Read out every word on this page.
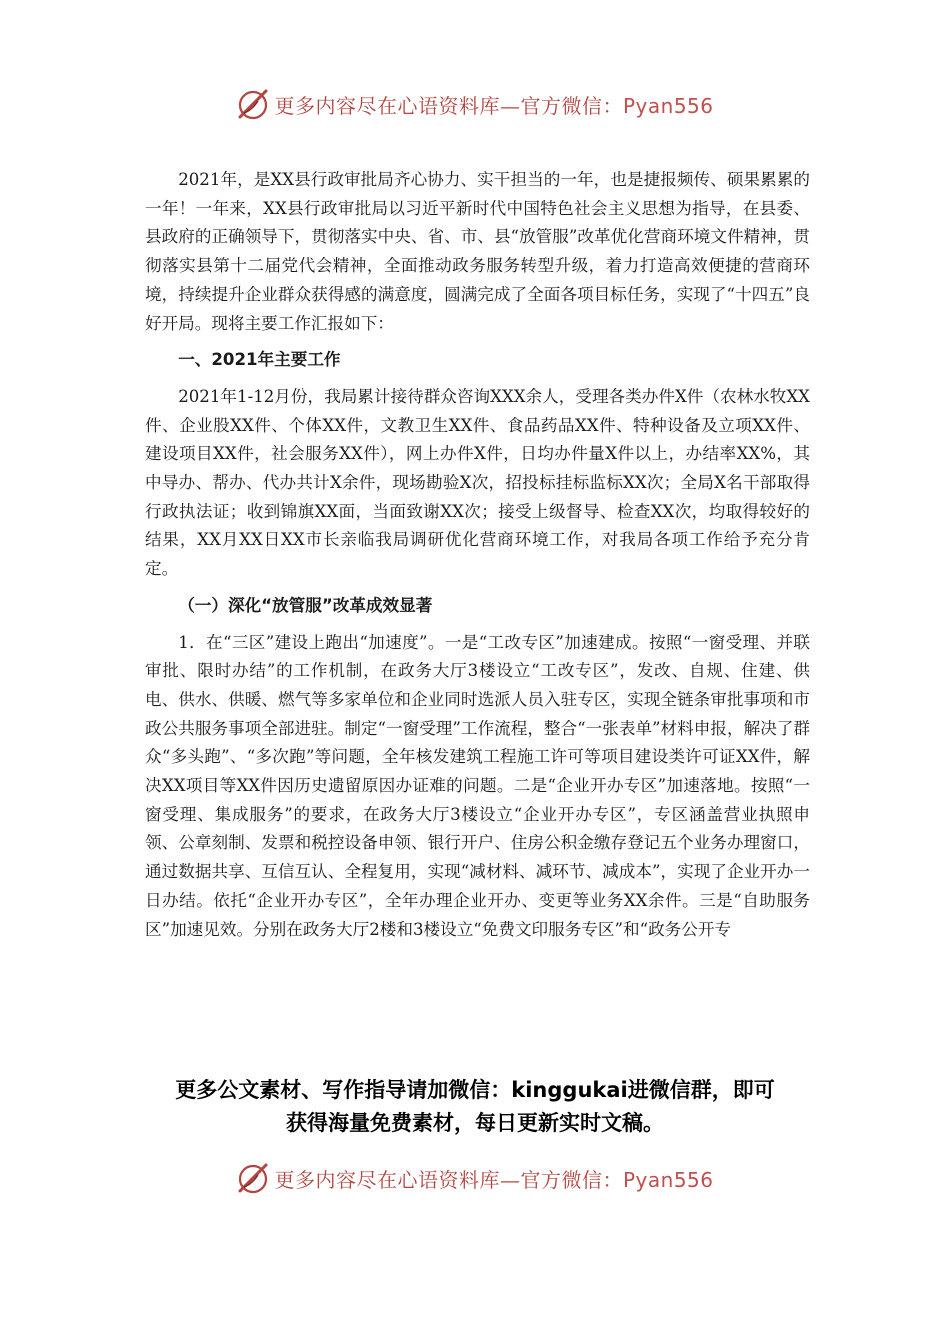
更多内容尽在心语资料库—官方微信：Pyan556

2021年，是XX县行政审批局齐心协力、实干担当的一年，也是捷报频传、硕果累累的一年！一年来，XX县行政审批局以习近平新时代中国特色社会主义思想为指导，在县委、县政府的正确领导下，贯彻落实中央、省、市、县“放管服”改革优化营商环境文件精神，贯彻落实县第十二届党代会精神，全面推动政务服务转型升级，着力打造高效便捷的营商环境，持续提升企业群众获得感的满意度，圆满完成了全面各项目标任务，实现了“十四五”良好开局。现将主要工作汇报如下：

一、2021年主要工作

2021年1-12月份，我局累计接待群众咨询XXX余人，受理各类办件X件（农林水牧XX件、企业股XX件、个体XX件，文教卫生XX件、食品药品XX件、特种设备及立项XX件、建设项目XX件，社会服务XX件），网上办件X件，日均办件量X件以上，办结率XX%，其中导办、帮办、代办共计X余件，现场勘验X次，招投标挂标监标XX次；全局X名干部取得行政执法证；收到锦旗XX面，当面致谢XX次；接受上级督导、检查XX次，均取得较好的结果，XX月XX日XX市长亲临我局调研优化营商环境工作，对我局各项工作给予充分肯定。

（一）深化“放管服”改革成效显著

1．在“三区”建设上跑出“加速度”。一是“工改专区”加速建成。按照“一窗受理、并联审批、限时办结”的工作机制，在政务大厅3楼设立“工改专区”，发改、自规、住建、供电、供水、供暖、燃气等多家单位和企业同时选派人员入驻专区，实现全链条审批事项和市政公共服务事项全部进驻。制定“一窗受理”工作流程，整合“一张表单”材料申报，解决了群众“多头跑”、“多次跑”等问题，全年核发建筑工程施工许可等项目建设类许可证XX件，解决XX项目等XX件因历史遗留原因办证难的问题。二是“企业开办专区”加速落地。按照“一窗受理、集成服务”的要求，在政务大厅3楼设立“企业开办专区”，专区涵盖营业执照申领、公章刻制、发票和税控设备申领、银行开户、住房公积金缴存登记五个业务办理窗口，通过数据共享、互信互认、全程复用，实现“减材料、减环节、减成本”，实现了企业开办一日办结。依托“企业开办专区”，全年办理企业开办、变更等业务XX余件。三是“自助服务区”加速见效。分别在政务大厅2楼和3楼设立“免费文印服务专区”和“政务公开专

更多公文素材、写作指导请加微信：kinggukai进微信群，即可
获得海量免费素材，每日更新实时文稿。
更多内容尽在心语资料库—官方微信：Pyan556
